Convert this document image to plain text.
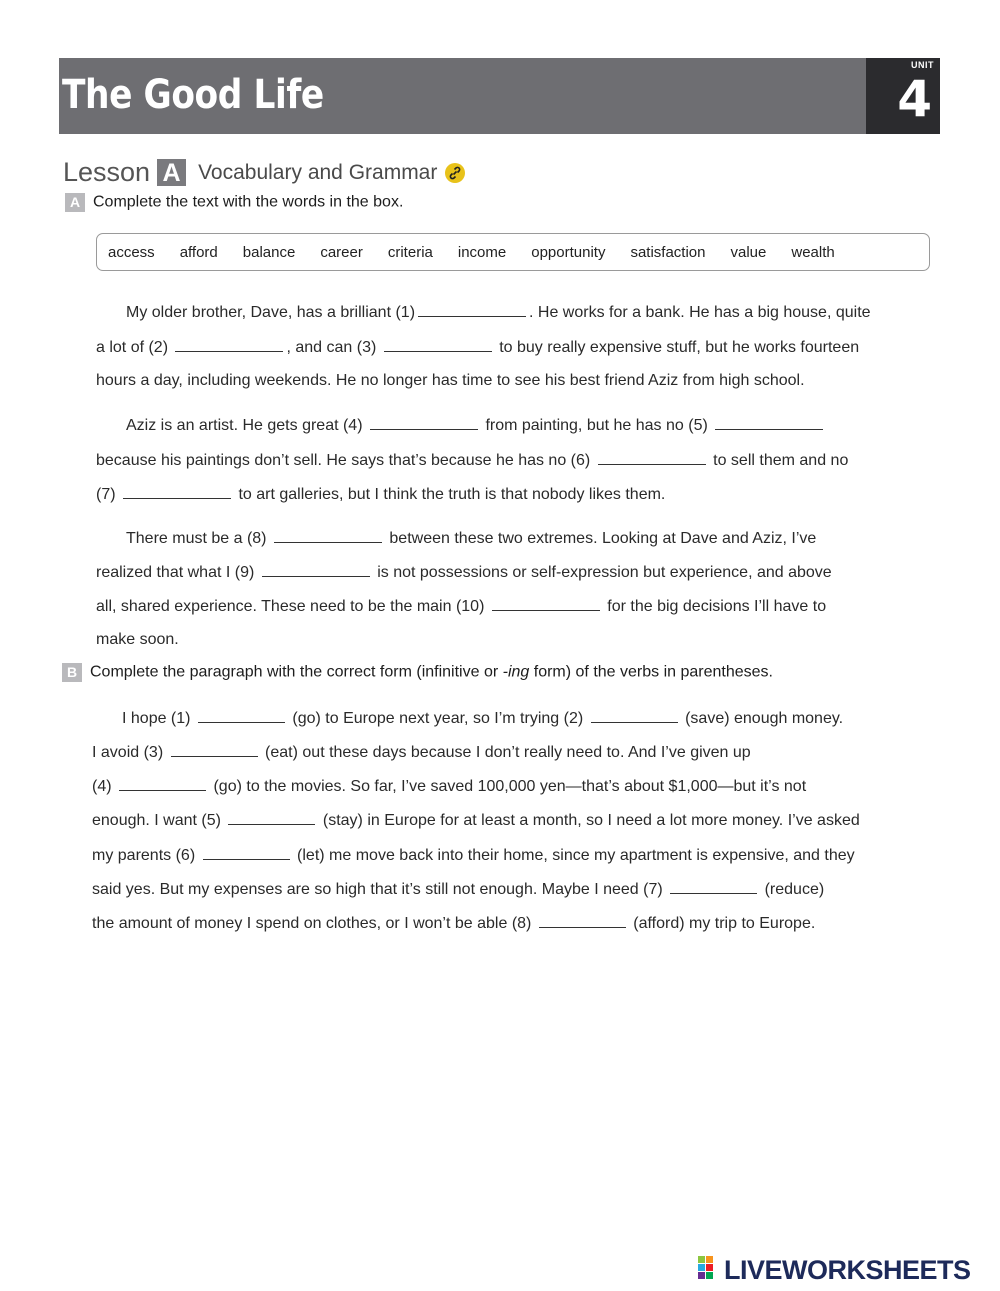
The Good Life
UNIT
4
Lesson A Vocabulary and Grammar
A Complete the text with the words in the box.
access afford balance career criteria income opportunity satisfaction value wealth
My older brother, Dave, has a brilliant (1)	. He works for a bank. He has a big house, quite
a lot of (2)	, and can (3)	to buy really expensive stuff, but he works fourteen
hours a day, including weekends. He no longer has time to see his best friend Aziz from high school.
Aziz is an artist. He gets great (4)	from painting, but he has no (5)
because his paintings don’t sell. He says that’s because he has no (6)	to sell them and no
(7)	to art galleries, but I think the truth is that nobody likes them.
There must be a (8)	between these two extremes. Looking at Dave and Aziz, I’ve
realized that what I (9)	is not possessions or self-expression but experience, and above
all, shared experience. These need to be the main (10)	for the big decisions I’ll have to
make soon.
B Complete the paragraph with the correct form (infinitive or -ing form) of the verbs in parentheses.
I hope (1)	(go) to Europe next year, so I’m trying (2)	(save) enough money.
I avoid (3)	(eat) out these days because I don’t really need to. And I’ve given up
(4)	(go) to the movies. So far, I’ve saved 100,000 yen—that’s about $1,000—but it’s not
enough. I want (5)	(stay) in Europe for at least a month, so I need a lot more money. I’ve asked
my parents (6)	(let) me move back into their home, since my apartment is expensive, and they
said yes. But my expenses are so high that it’s still not enough. Maybe I need (7)	(reduce)
the amount of money I spend on clothes, or I won’t be able (8)	(afford) my trip to Europe.
LIVEWORKSHEETS
